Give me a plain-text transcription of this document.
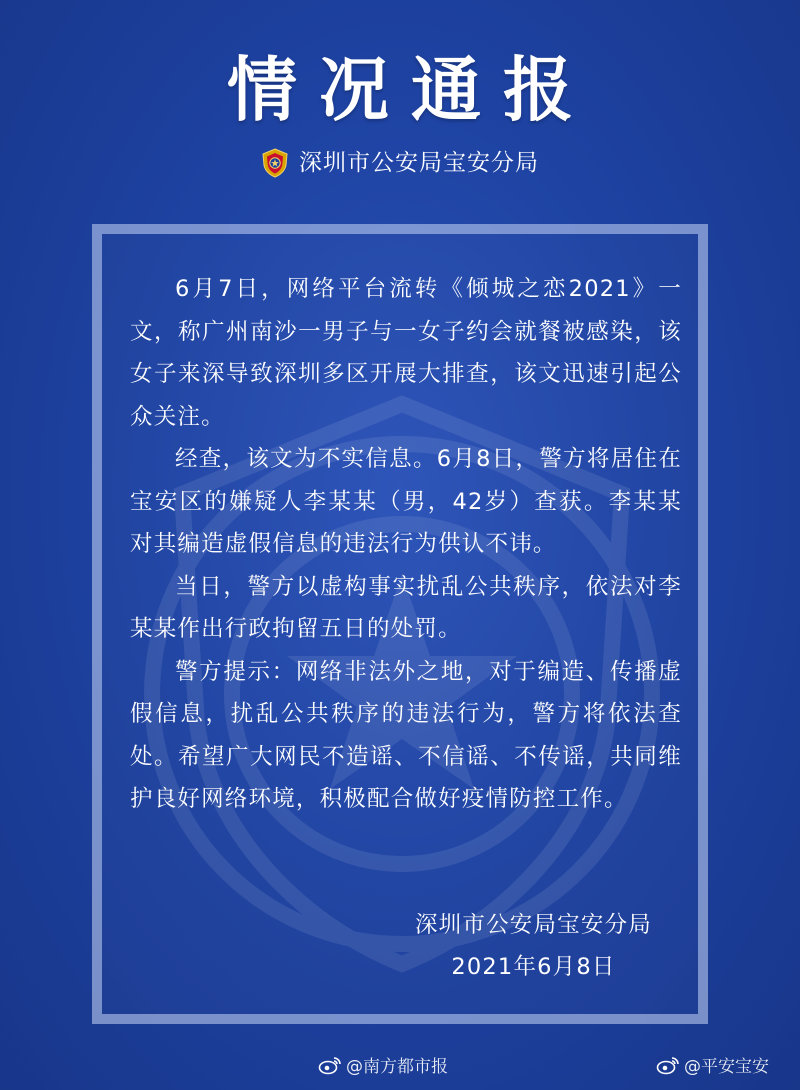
情况通报
深圳市公安局宝安分局

6月7日，网络平台流转《倾城之恋2021》一文，称广州南沙一男子与一女子约会就餐被感染，该女子来深导致深圳多区开展大排查，该文迅速引起公众关注。

经查，该文为不实信息。6月8日，警方将居住在宝安区的嫌疑人李某某（男，42岁）查获。李某某对其编造虚假信息的违法行为供认不讳。

当日，警方以虚构事实扰乱公共秩序，依法对李某某作出行政拘留五日的处罚。

警方提示：网络非法外之地，对于编造、传播虚假信息，扰乱公共秩序的违法行为，警方将依法查处。希望广大网民不造谣、不信谣、不传谣，共同维护良好网络环境，积极配合做好疫情防控工作。

深圳市公安局宝安分局
2021年6月8日
@南方都市报	@平安宝安
